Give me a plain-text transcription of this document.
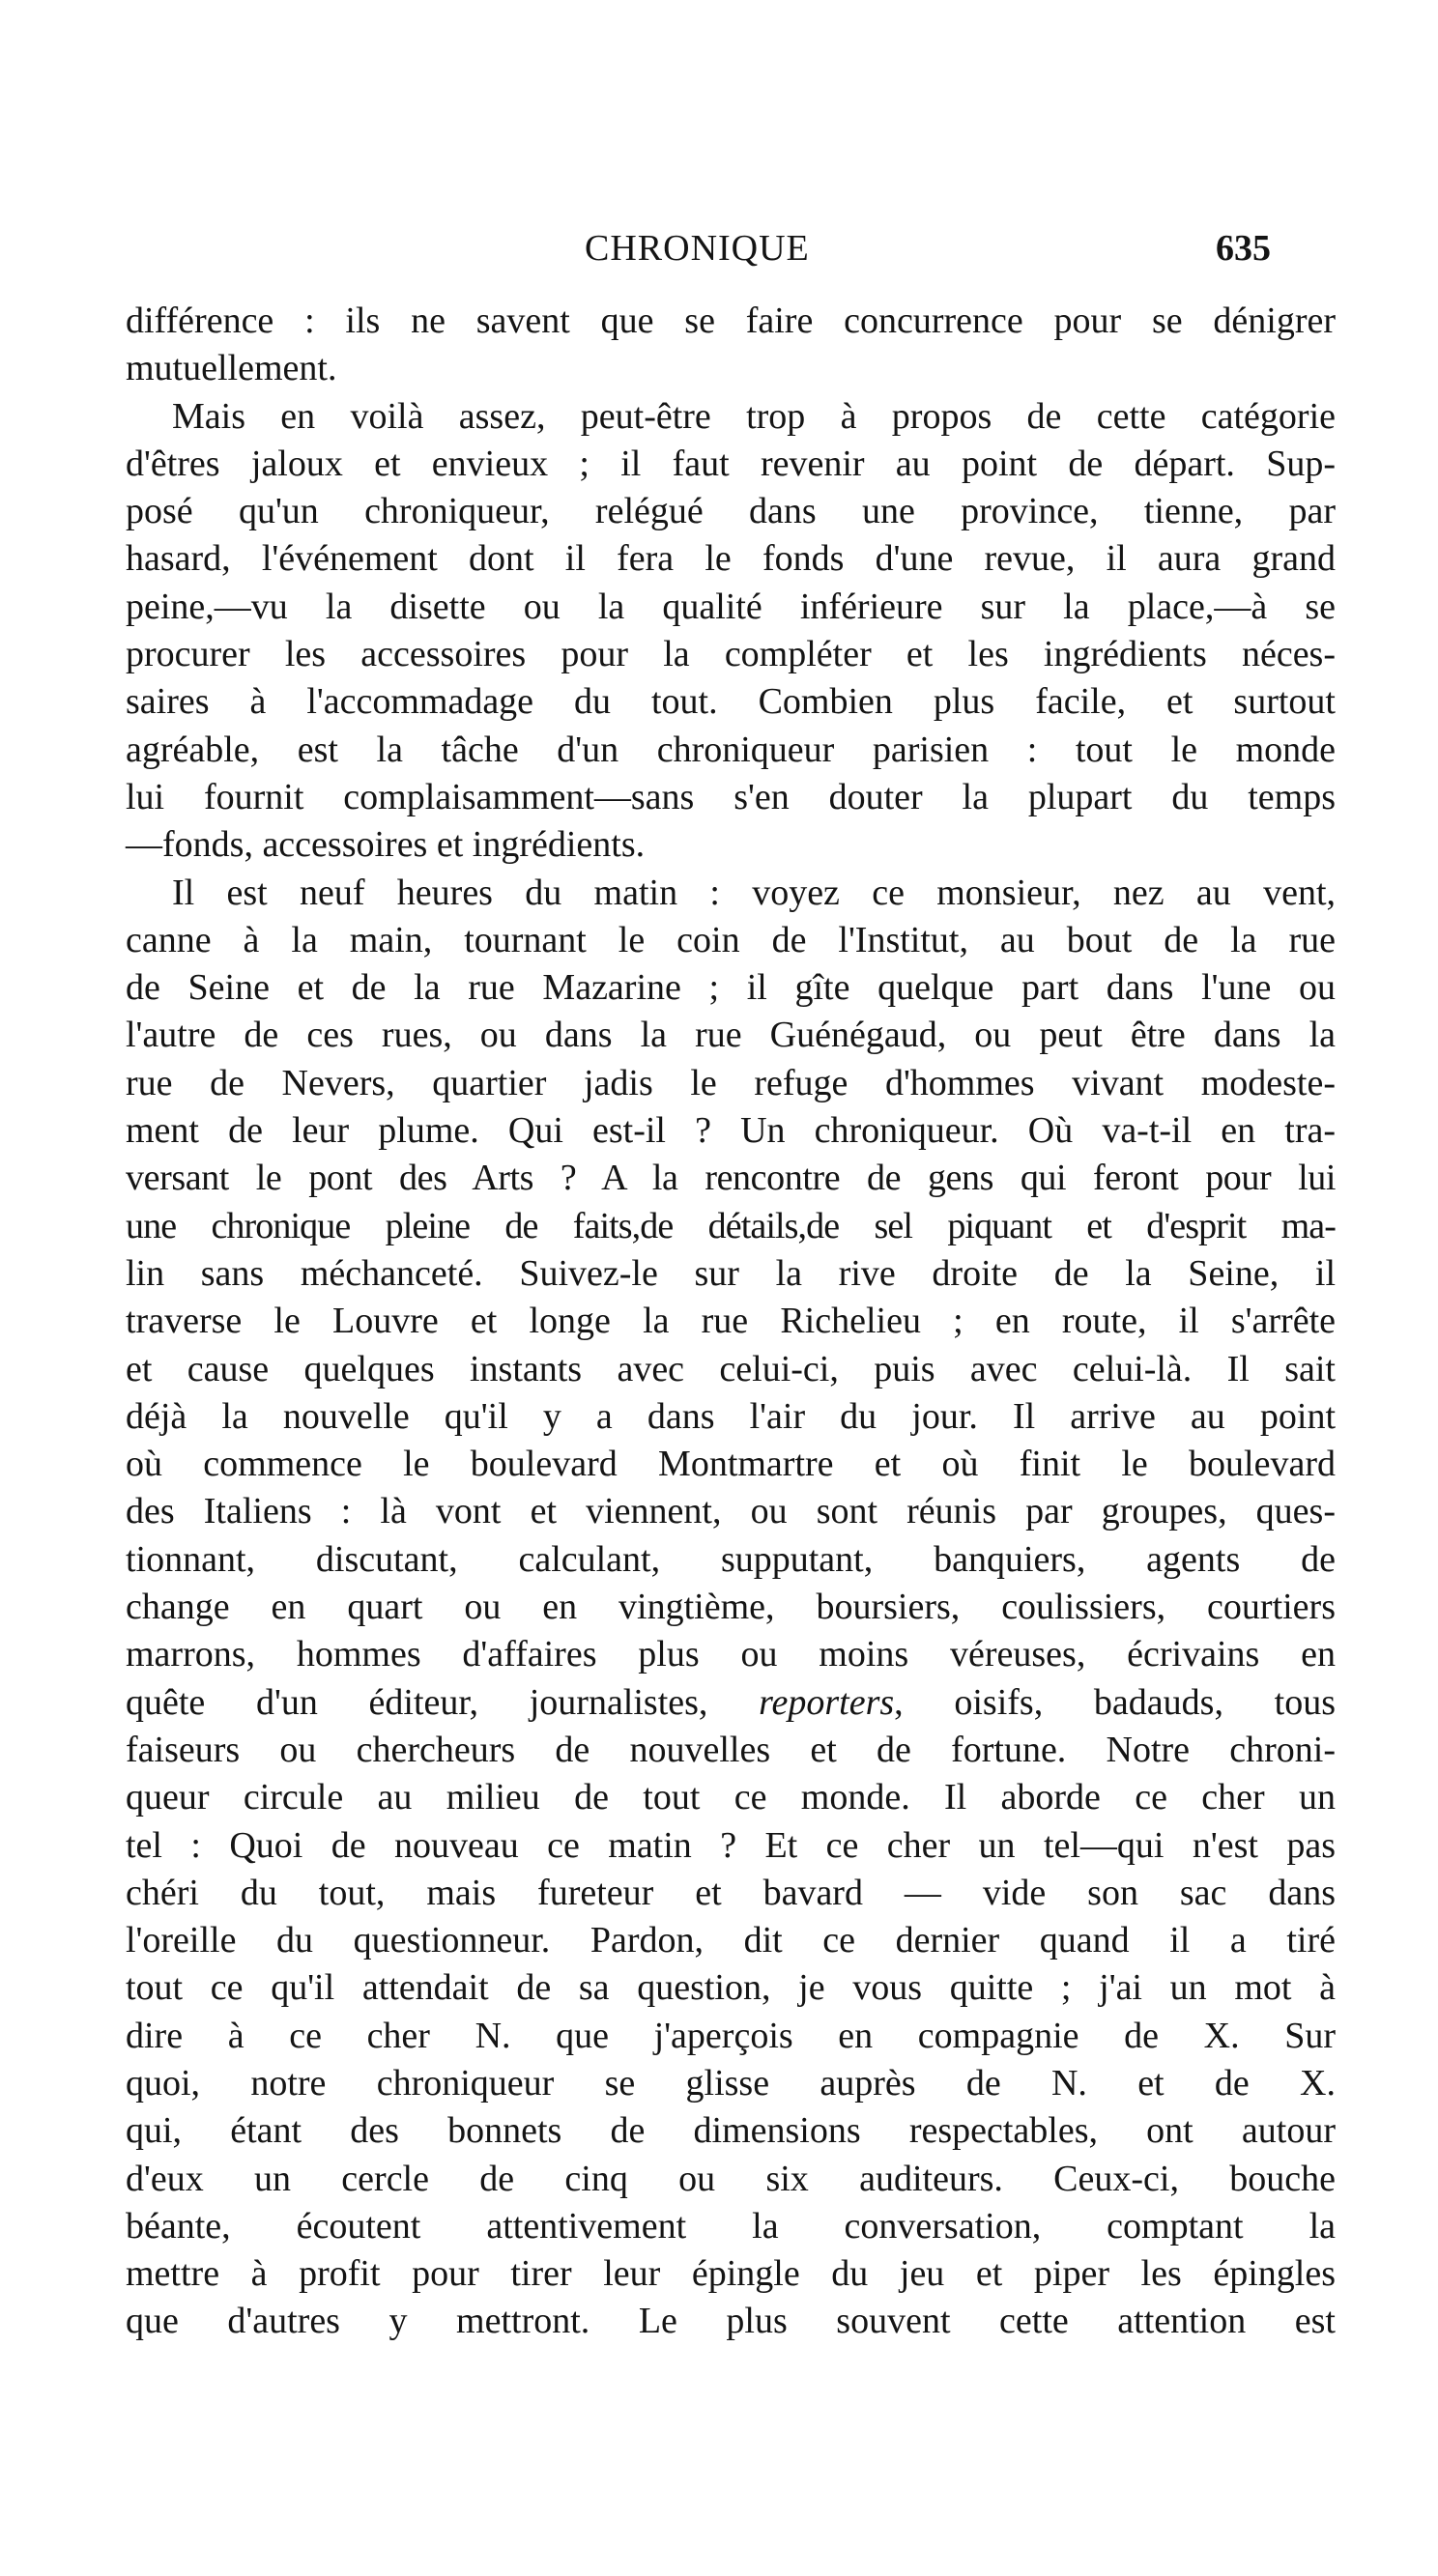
CHRONIQUE	635
différence : ils ne savent que se faire concurrence pour se dénigrer
mutuellement.
Mais en voilà assez, peut-être trop à propos de cette catégorie
d'êtres jaloux et envieux ; il faut revenir au point de départ. Sup-
posé qu'un chroniqueur, relégué dans une province, tienne, par
hasard, l'événement dont il fera le fonds d'une revue, il aura grand
peine,—vu la disette ou la qualité inférieure sur la place,—à se
procurer les accessoires pour la compléter et les ingrédients néces-
saires à l'accommadage du tout. Combien plus facile, et surtout
agréable, est la tâche d'un chroniqueur parisien : tout le monde
lui fournit complaisamment—sans s'en douter la plupart du temps
—fonds, accessoires et ingrédients.
Il est neuf heures du matin : voyez ce monsieur, nez au vent,
canne à la main, tournant le coin de l'Institut, au bout de la rue
de Seine et de la rue Mazarine ; il gîte quelque part dans l'une ou
l'autre de ces rues, ou dans la rue Guénégaud, ou peut être dans la
rue de Nevers, quartier jadis le refuge d'hommes vivant modeste-
ment de leur plume. Qui est-il ? Un chroniqueur. Où va-t-il en tra-
versant le pont des Arts ? A la rencontre de gens qui feront pour lui
une chronique pleine de faits,de détails,de sel piquant et d'esprit ma-
lin sans méchanceté. Suivez-le sur la rive droite de la Seine, il
traverse le Louvre et longe la rue Richelieu ; en route, il s'arrête
et cause quelques instants avec celui-ci, puis avec celui-là. Il sait
déjà la nouvelle qu'il y a dans l'air du jour. Il arrive au point
où commence le boulevard Montmartre et où finit le boulevard
des Italiens : là vont et viennent, ou sont réunis par groupes, ques-
tionnant, discutant, calculant, supputant, banquiers, agents de
change en quart ou en vingtième, boursiers, coulissiers, courtiers
marrons, hommes d'affaires plus ou moins véreuses, écrivains en
quête d'un éditeur, journalistes, reporters, oisifs, badauds, tous
faiseurs ou chercheurs de nouvelles et de fortune. Notre chroni-
queur circule au milieu de tout ce monde. Il aborde ce cher un
tel : Quoi de nouveau ce matin ? Et ce cher un tel—qui n'est pas
chéri du tout, mais fureteur et bavard — vide son sac dans
l'oreille du questionneur. Pardon, dit ce dernier quand il a tiré
tout ce qu'il attendait de sa question, je vous quitte ; j'ai un mot à
dire à ce cher N. que j'aperçois en compagnie de X. Sur
quoi, notre chroniqueur se glisse auprès de N. et de X.
qui, étant des bonnets de dimensions respectables, ont autour
d'eux un cercle de cinq ou six auditeurs. Ceux-ci, bouche
béante, écoutent attentivement la conversation, comptant la
mettre à profit pour tirer leur épingle du jeu et piper les épingles
que d'autres y mettront. Le plus souvent cette attention est
